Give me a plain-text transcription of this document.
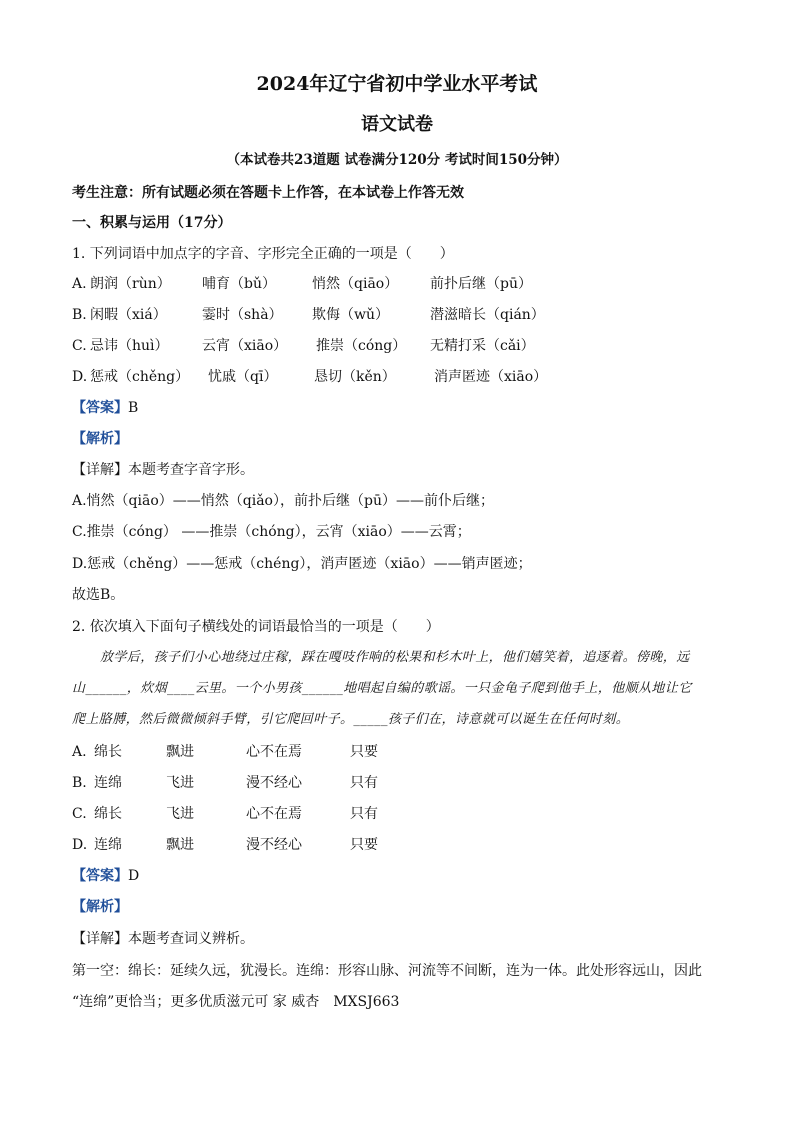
2024年辽宁省初中学业水平考试
语文试卷
（本试卷共23道题 试卷满分120分 考试时间150分钟）
考生注意：所有试题必须在答题卡上作答，在本试卷上作答无效
一、积累与运用（17分）
1. 下列词语中加点字的字音、字形完全正确的一项是（　　）
A. 朗润（rùn） 哺育（bǔ）	悄然（qiāo） 前扑后继（pū）
B. 闲暇（xiá）	霎时（shà） 欺侮（wǔ）	潜滋暗长（qián）
C. 忌讳（huì） 云宵（xiāo） 推崇（cóng） 无精打采（cǎi）
D. 惩戒（chěng） 忧戚（qī）	恳切（kěn）	消声匿迹（xiāo）
【答案】B
【解析】
【详解】本题考查字音字形。
A.悄然（qiāo）——悄然（qiǎo），前扑后继（pū）——前仆后继；
C.推崇（cóng） ——推崇（chóng），云宵（xiāo）——云霄；
D.惩戒（chěng）——惩戒（chéng），消声匿迹（xiāo）——销声匿迹；
故选B。
2. 依次填入下面句子横线处的词语最恰当的一项是（　　）
放学后，孩子们小心地绕过庄稼，踩在嘎吱作响的松果和杉木叶上，他们嬉笑着，追逐着。傍晚，远
山______，炊烟____云里。一个小男孩______地唱起自编的歌谣。一只金龟子爬到他手上，他顺从地让它
爬上胳膊，然后微微倾斜手臂，引它爬回叶子。_____孩子们在，诗意就可以诞生在任何时刻。
A. 绵长	飘进	心不在焉	只要
B. 连绵	飞进	漫不经心	只有
C. 绵长	飞进	心不在焉	只有
D. 连绵	飘进	漫不经心	只要
【答案】D
【解析】
【详解】本题考查词义辨析。
第一空：绵长：延续久远，犹漫长。连绵：形容山脉、河流等不间断，连为一体。此处形容远山，因此
“连绵”更恰当；更多优质滋元可 家 威杏　MXSJ663
